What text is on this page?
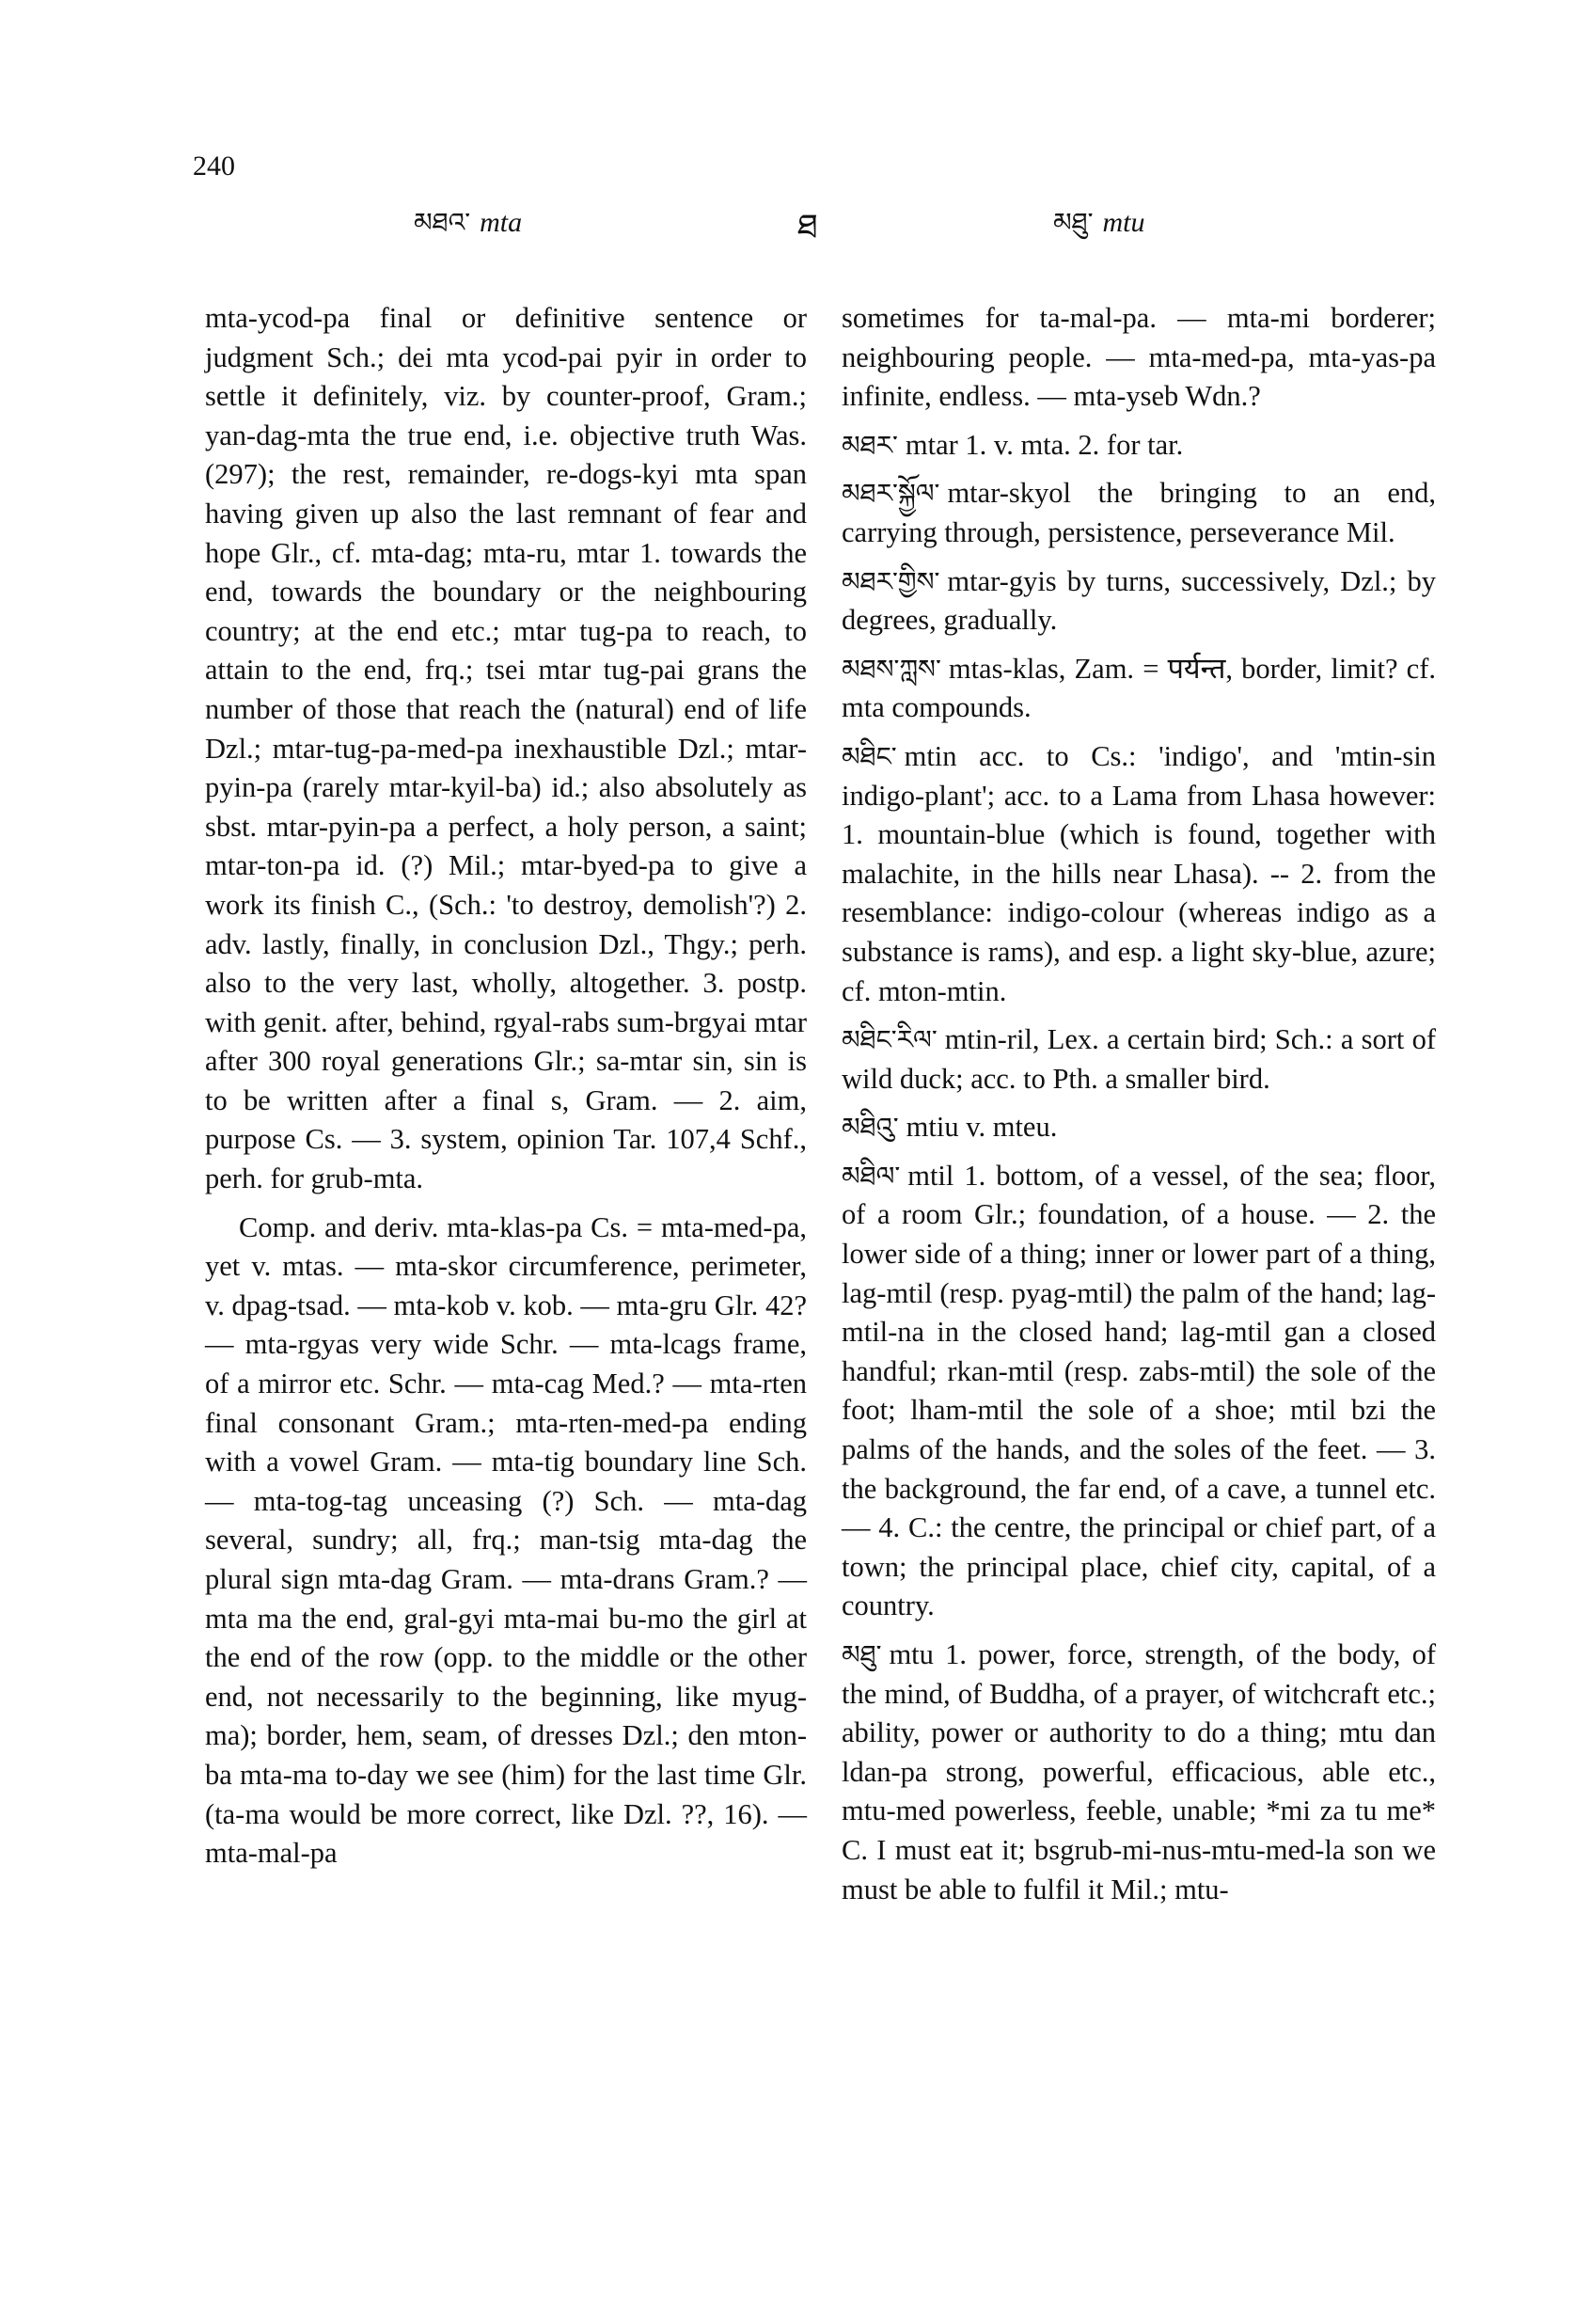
240
མཐའ་ mta	ཐ	མཐུ་ mtu

mta-ycod-pa final or definitive sentence or judgment Sch.; dei mta ycod-pai pyir in order to settle it definitely, viz. by counter-proof, Gram.; yan-dag-mta the true end, i.e. objective truth Was. (297); the rest, remainder, re-dogs-kyi mta span having given up also the last remnant of fear and hope Glr., cf. mta-dag; mta-ru, mtar 1. towards the end, towards the boundary or the neighbouring country; at the end etc.; mtar tug-pa to reach, to attain to the end, frq.; tsei mtar tug-pai grans the number of those that reach the (natural) end of life Dzl.; mtar-tug-pa-med-pa inexhaustible Dzl.; mtar-pyin-pa (rarely mtar-kyil-ba) id.; also absolutely as sbst. mtar-pyin-pa a perfect, a holy person, a saint; mtar-ton-pa id. (?) Mil.; mtar-byed-pa to give a work its finish C., (Sch.: 'to destroy, demolish'?) 2. adv. lastly, finally, in conclusion Dzl., Thgy.; perh. also to the very last, wholly, altogether. 3. postp. with genit. after, behind, rgyal-rabs sum-brgyai mtar after 300 royal generations Glr.; sa-mtar sin, sin is to be written after a final s, Gram. — 2. aim, purpose Cs. — 3. system, opinion Tar. 107,4 Schf., perh. for grub-mta.

Comp. and deriv. mta-klas-pa Cs. = mta-med-pa, yet v. mtas. — mta-skor circumference, perimeter, v. dpag-tsad. — mta-kob v. kob. — mta-gru Glr. 42? — mta-rgyas very wide Schr. — mta-lcags frame, of a mirror etc. Schr. — mta-cag Med.? — mta-rten final consonant Gram.; mta-rten-med-pa ending with a vowel Gram. — mta-tig boundary line Sch. — mta-tog-tag unceasing (?) Sch. — mta-dag several, sundry; all, frq.; man-tsig mta-dag the plural sign mta-dag Gram. — mta-drans Gram.? — mta ma the end, gral-gyi mta-mai bu-mo the girl at the end of the row (opp. to the middle or the other end, not necessarily to the beginning, like myug-ma); border, hem, seam, of dresses Dzl.; den mton-ba mta-ma to-day we see (him) for the last time Glr. (ta-ma would be more correct, like Dzl. ??, 16). — mta-mal-pa

sometimes for ta-mal-pa. — mta-mi borderer; neighbouring people. — mta-med-pa, mta-yas-pa infinite, endless. — mta-yseb Wdn.?

མཐར་ mtar 1. v. mta. 2. for tar.

མཐར་སྐྱོལ་ mtar-skyol the bringing to an end, carrying through, persistence, perseverance Mil.

མཐར་གྱིས་ mtar-gyis by turns, successively, Dzl.; by degrees, gradually.

མཐས་ཀླས་ mtas-klas, Zam. = पर्यन्त, border, limit? cf. mta compounds.

མཐིང་ mtin acc. to Cs.: 'indigo', and 'mtin-sin indigo-plant'; acc. to a Lama from Lhasa however: 1. mountain-blue (which is found, together with malachite, in the hills near Lhasa). -- 2. from the resemblance: indigo-colour (whereas indigo as a substance is rams), and esp. a light sky-blue, azure; cf. mton-mtin.

མཐིང་རིལ་ mtin-ril, Lex. a certain bird; Sch.: a sort of wild duck; acc. to Pth. a smaller bird.

མཐིའུ་ mtiu v. mteu.

མཐིལ་ mtil 1. bottom, of a vessel, of the sea; floor, of a room Glr.; foundation, of a house. — 2. the lower side of a thing; inner or lower part of a thing, lag-mtil (resp. pyag-mtil) the palm of the hand; lag-mtil-na in the closed hand; lag-mtil gan a closed handful; rkan-mtil (resp. zabs-mtil) the sole of the foot; lham-mtil the sole of a shoe; mtil bzi the palms of the hands, and the soles of the feet. — 3. the background, the far end, of a cave, a tunnel etc. — 4. C.: the centre, the principal or chief part, of a town; the principal place, chief city, capital, of a country.

མཐུ་ mtu 1. power, force, strength, of the body, of the mind, of Buddha, of a prayer, of witchcraft etc.; ability, power or authority to do a thing; mtu dan ldan-pa strong, powerful, efficacious, able etc., mtu-med powerless, feeble, unable; *mi za tu me* C. I must eat it; bsgrub-mi-nus-mtu-med-la son we must be able to fulfil it Mil.; mtu-
